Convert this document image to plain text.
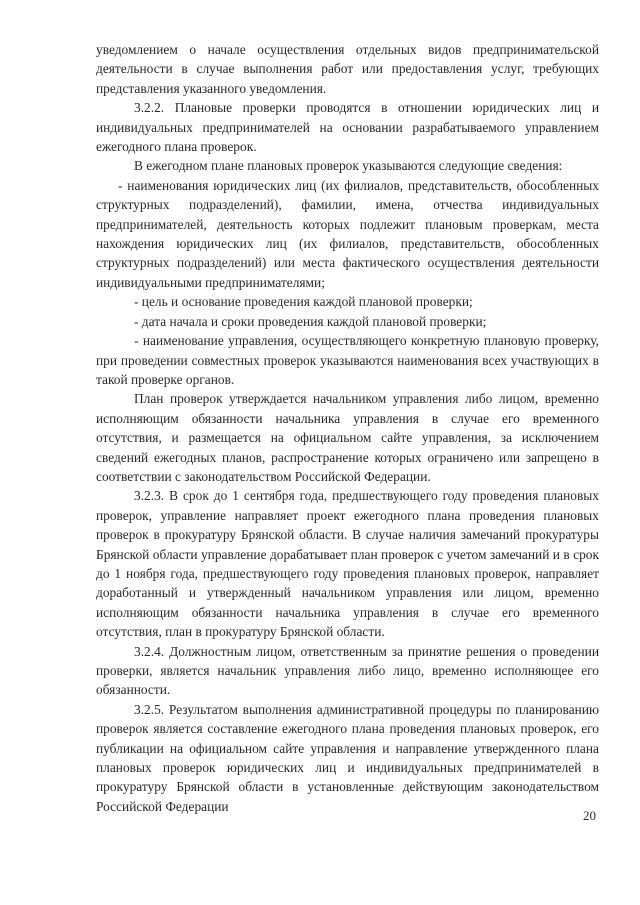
уведомлением о начале осуществления отдельных видов предпринимательской деятельности в случае выполнения работ или предоставления услуг, требующих представления указанного уведомления.

3.2.2. Плановые проверки проводятся в отношении юридических лиц и индивидуальных предпринимателей на основании разрабатываемого управлением ежегодного плана проверок.

В ежегодном плане плановых проверок указываются следующие сведения:

- наименования юридических лиц (их филиалов, представительств, обособленных структурных подразделений), фамилии, имена, отчества индивидуальных предпринимателей, деятельность которых подлежит плановым проверкам, места нахождения юридических лиц (их филиалов, представительств, обособленных структурных подразделений) или места фактического осуществления деятельности индивидуальными предпринимателями;

- цель и основание проведения каждой плановой проверки;

- дата начала и сроки проведения каждой плановой проверки;

- наименование управления, осуществляющего конкретную плановую проверку, при проведении совместных проверок указываются наименования всех участвующих в такой проверке органов.

План проверок утверждается начальником управления либо лицом, временно исполняющим обязанности начальника управления в случае его временного отсутствия, и размещается на официальном сайте управления, за исключением сведений ежегодных планов, распространение которых ограничено или запрещено в соответствии с законодательством Российской Федерации.

3.2.3. В срок до 1 сентября года, предшествующего году проведения плановых проверок, управление направляет проект ежегодного плана проведения плановых проверок в прокуратуру Брянской области. В случае наличия замечаний прокуратуры Брянской области управление дорабатывает план проверок с учетом замечаний и в срок до 1 ноября года, предшествующего году проведения плановых проверок, направляет доработанный и утвержденный начальником управления или лицом, временно исполняющим обязанности начальника управления в случае его временного отсутствия, план в прокуратуру Брянской области.

3.2.4. Должностным лицом, ответственным за принятие решения о проведении проверки, является начальник управления либо лицо, временно исполняющее его обязанности.

3.2.5. Результатом выполнения административной процедуры по планированию проверок является составление ежегодного плана проведения плановых проверок, его публикации на официальном сайте управления и направление утвержденного плана плановых проверок юридических лиц и индивидуальных предпринимателей в прокуратуру Брянской области в установленные действующим законодательством Российской Федерации

20
